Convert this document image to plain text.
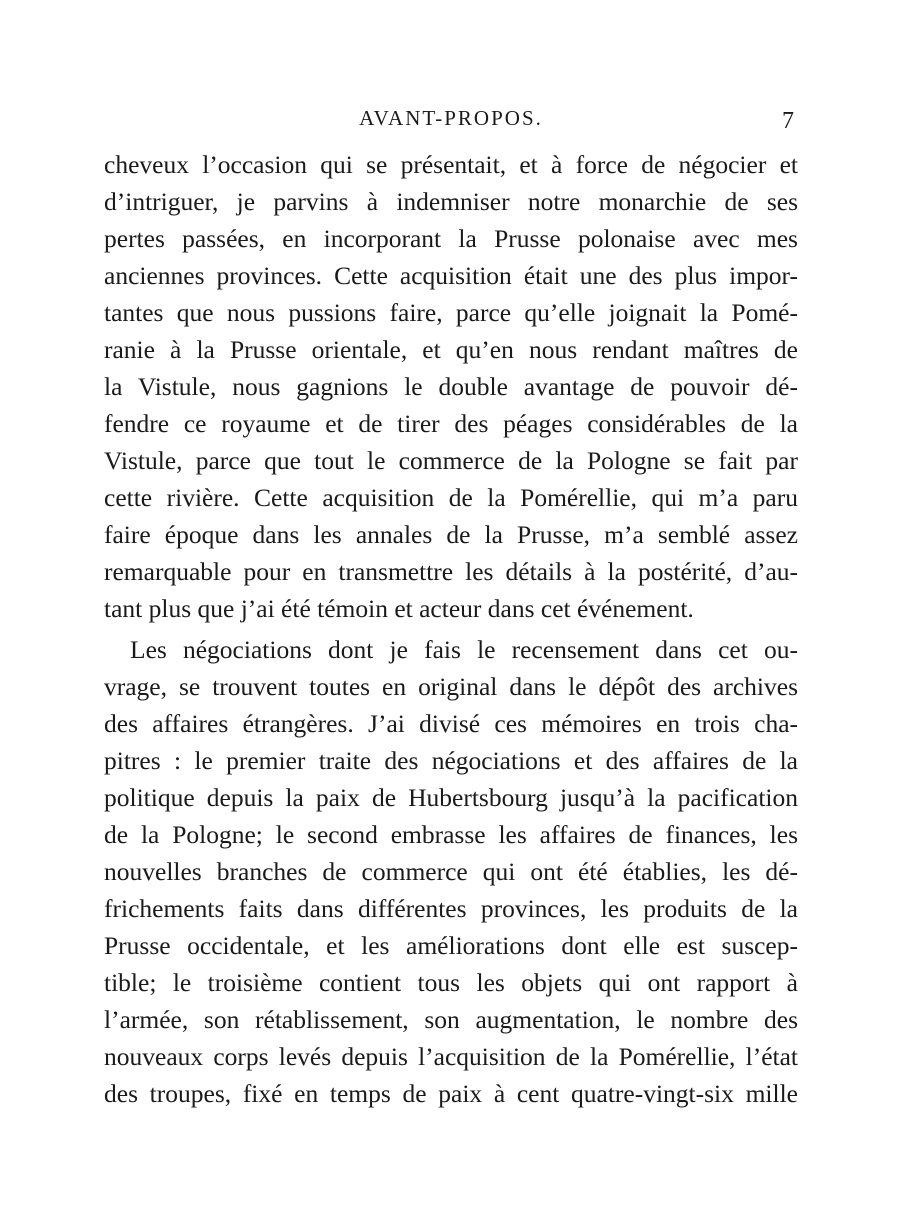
AVANT-PROPOS.	7
cheveux l’occasion qui se présentait, et à force de négocier et
d’intriguer, je parvins à indemniser notre monarchie de ses
pertes passées, en incorporant la Prusse polonaise avec mes
anciennes provinces. Cette acquisition était une des plus impor-
tantes que nous pussions faire, parce qu’elle joignait la Pomé-
ranie à la Prusse orientale, et qu’en nous rendant maîtres de
la Vistule, nous gagnions le double avantage de pouvoir dé-
fendre ce royaume et de tirer des péages considérables de la
Vistule, parce que tout le commerce de la Pologne se fait par
cette rivière. Cette acquisition de la Pomérellie, qui m’a paru
faire époque dans les annales de la Prusse, m’a semblé assez
remarquable pour en transmettre les détails à la postérité, d’au-
tant plus que j’ai été témoin et acteur dans cet événement.
Les négociations dont je fais le recensement dans cet ou-
vrage, se trouvent toutes en original dans le dépôt des archives
des affaires étrangères. J’ai divisé ces mémoires en trois cha-
pitres : le premier traite des négociations et des affaires de la
politique depuis la paix de Hubertsbourg jusqu’à la pacification
de la Pologne; le second embrasse les affaires de finances, les
nouvelles branches de commerce qui ont été établies, les dé-
frichements faits dans différentes provinces, les produits de la
Prusse occidentale, et les améliorations dont elle est suscep-
tible; le troisième contient tous les objets qui ont rapport à
l’armée, son rétablissement, son augmentation, le nombre des
nouveaux corps levés depuis l’acquisition de la Pomérellie, l’état
des troupes, fixé en temps de paix à cent quatre-vingt-six mille
